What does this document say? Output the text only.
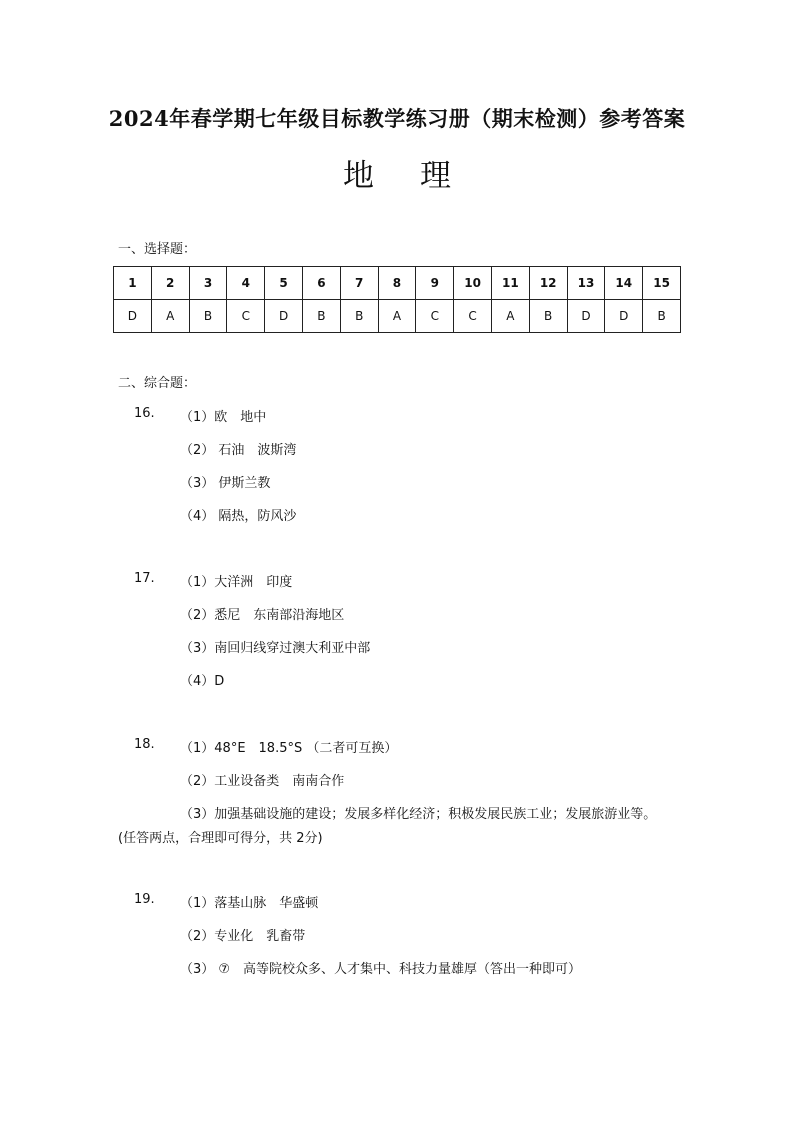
2024年春学期七年级目标教学练习册（期末检测）参考答案
地理
一、选择题：
1	2	3	4	5	6	7	8	9	10	11	12	13	14	15
D	A	B	C	D	B	B	A	C	C	A	B	D	D	B
二、综合题：
16.	（1）欧　地中
（2） 石油　波斯湾
（3） 伊斯兰教
（4） 隔热，防风沙
17.	（1）大洋洲　印度
（2）悉尼　东南部沿海地区
（3）南回归线穿过澳大利亚中部
（4）D
18.	（1）48°E　18.5°S （二者可互换）
（2）工业设备类　南南合作
（3）加强基础设施的建设；发展多样化经济；积极发展民族工业；发展旅游业等。
(任答两点，合理即可得分，共 2分)
19.	（1）落基山脉　华盛顿
（2）专业化　乳畜带
（3） ⑦　高等院校众多、人才集中、科技力量雄厚（答出一种即可）
